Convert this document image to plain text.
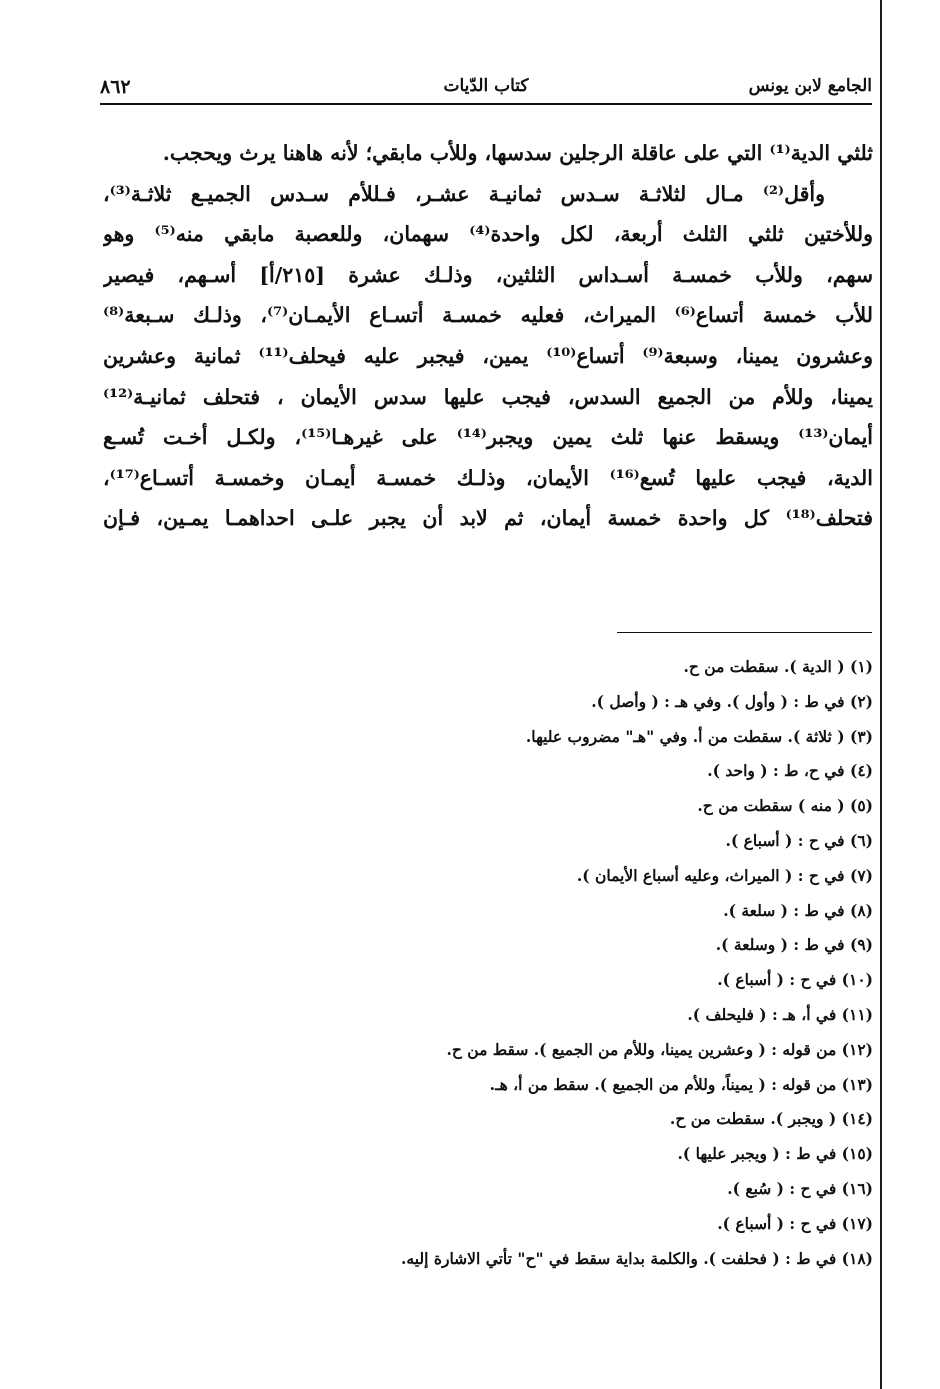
الجامع لابن يونس
كتاب الدّيات
٨٦٢
ثلثي الدية⁽¹⁾ التي على عاقلة الرجلين سدسها، وللأب مابقي؛ لأنه هاهنا يرث ويحجب.
وأقل⁽²⁾ مـال لثلاثـة سـدس ثمانيـة عشـر، فـللأم سـدس الجميـع ثلاثـة⁽³⁾،
وللأختين ثلثي الثلث أربعة، لكل واحدة⁽⁴⁾ سهمان، وللعصبة مابقي منه⁽⁵⁾ وهو
سهم، وللأب خمسـة أسـداس الثلثين، وذلـك عشرة [٢١٥/أ] أسـهم، فيصير
للأب خمسة أتساع⁽⁶⁾ الميراث، فعليه خمسـة أتسـاع الأيمـان⁽⁷⁾، وذلـك سـبعة⁽⁸⁾
وعشرون يمينا، وسبعة⁽⁹⁾ أتساع⁽¹⁰⁾ يمين، فيجبر عليه فيحلف⁽¹¹⁾ ثمانية وعشرين
يمينا، وللأم من الجميع السدس، فيجب عليها سدس الأيمان ، فتحلف ثمانيـة⁽¹²⁾
أيمان⁽¹³⁾ ويسقط عنها ثلث يمين ويجبر⁽¹⁴⁾ على غيرهـا⁽¹⁵⁾، ولكـل أخـت تُسـع
الدية، فيجب عليها تُسع⁽¹⁶⁾ الأيمان، وذلـك خمسـة أيمـان وخمسـة أتسـاع⁽¹⁷⁾،
فتحلف⁽¹⁸⁾ كل واحدة خمسة أيمان، ثم لابد أن يجبر علـى احداهمـا يمـين، فـإن
(١) ( الدية ). سقطت من ح.
(٢) في ط : ( وأول ). وفي هـ : ( وأصل ).
(٣) ( ثلاثة ). سقطت من أ. وفي "هـ" مضروب عليها.
(٤) في ح، ط : ( واحد ).
(٥) ( منه ) سقطت من ح.
(٦) في ح : ( أسباع ).
(٧) في ح : ( الميراث، وعليه أسباع الأيمان ).
(٨) في ط : ( سلعة ).
(٩) في ط : ( وسلعة ).
(١٠) في ح : ( أسباع ).
(١١) في أ، هـ : ( فليحلف ).
(١٢) من قوله : ( وعشرين يمينا، وللأم من الجميع ). سقط من ح.
(١٣) من قوله : ( يميناً، وللأم من الجميع ). سقط من أ، هـ.
(١٤) ( ويجبر ). سقطت من ح.
(١٥) في ط : ( ويجبر عليها ).
(١٦) في ح : ( سُبع ).
(١٧) في ح : ( أسباع ).
(١٨) في ط : ( فحلفت ). والكلمة بداية سقط في "ح" تأتي الاشارة إليه.
